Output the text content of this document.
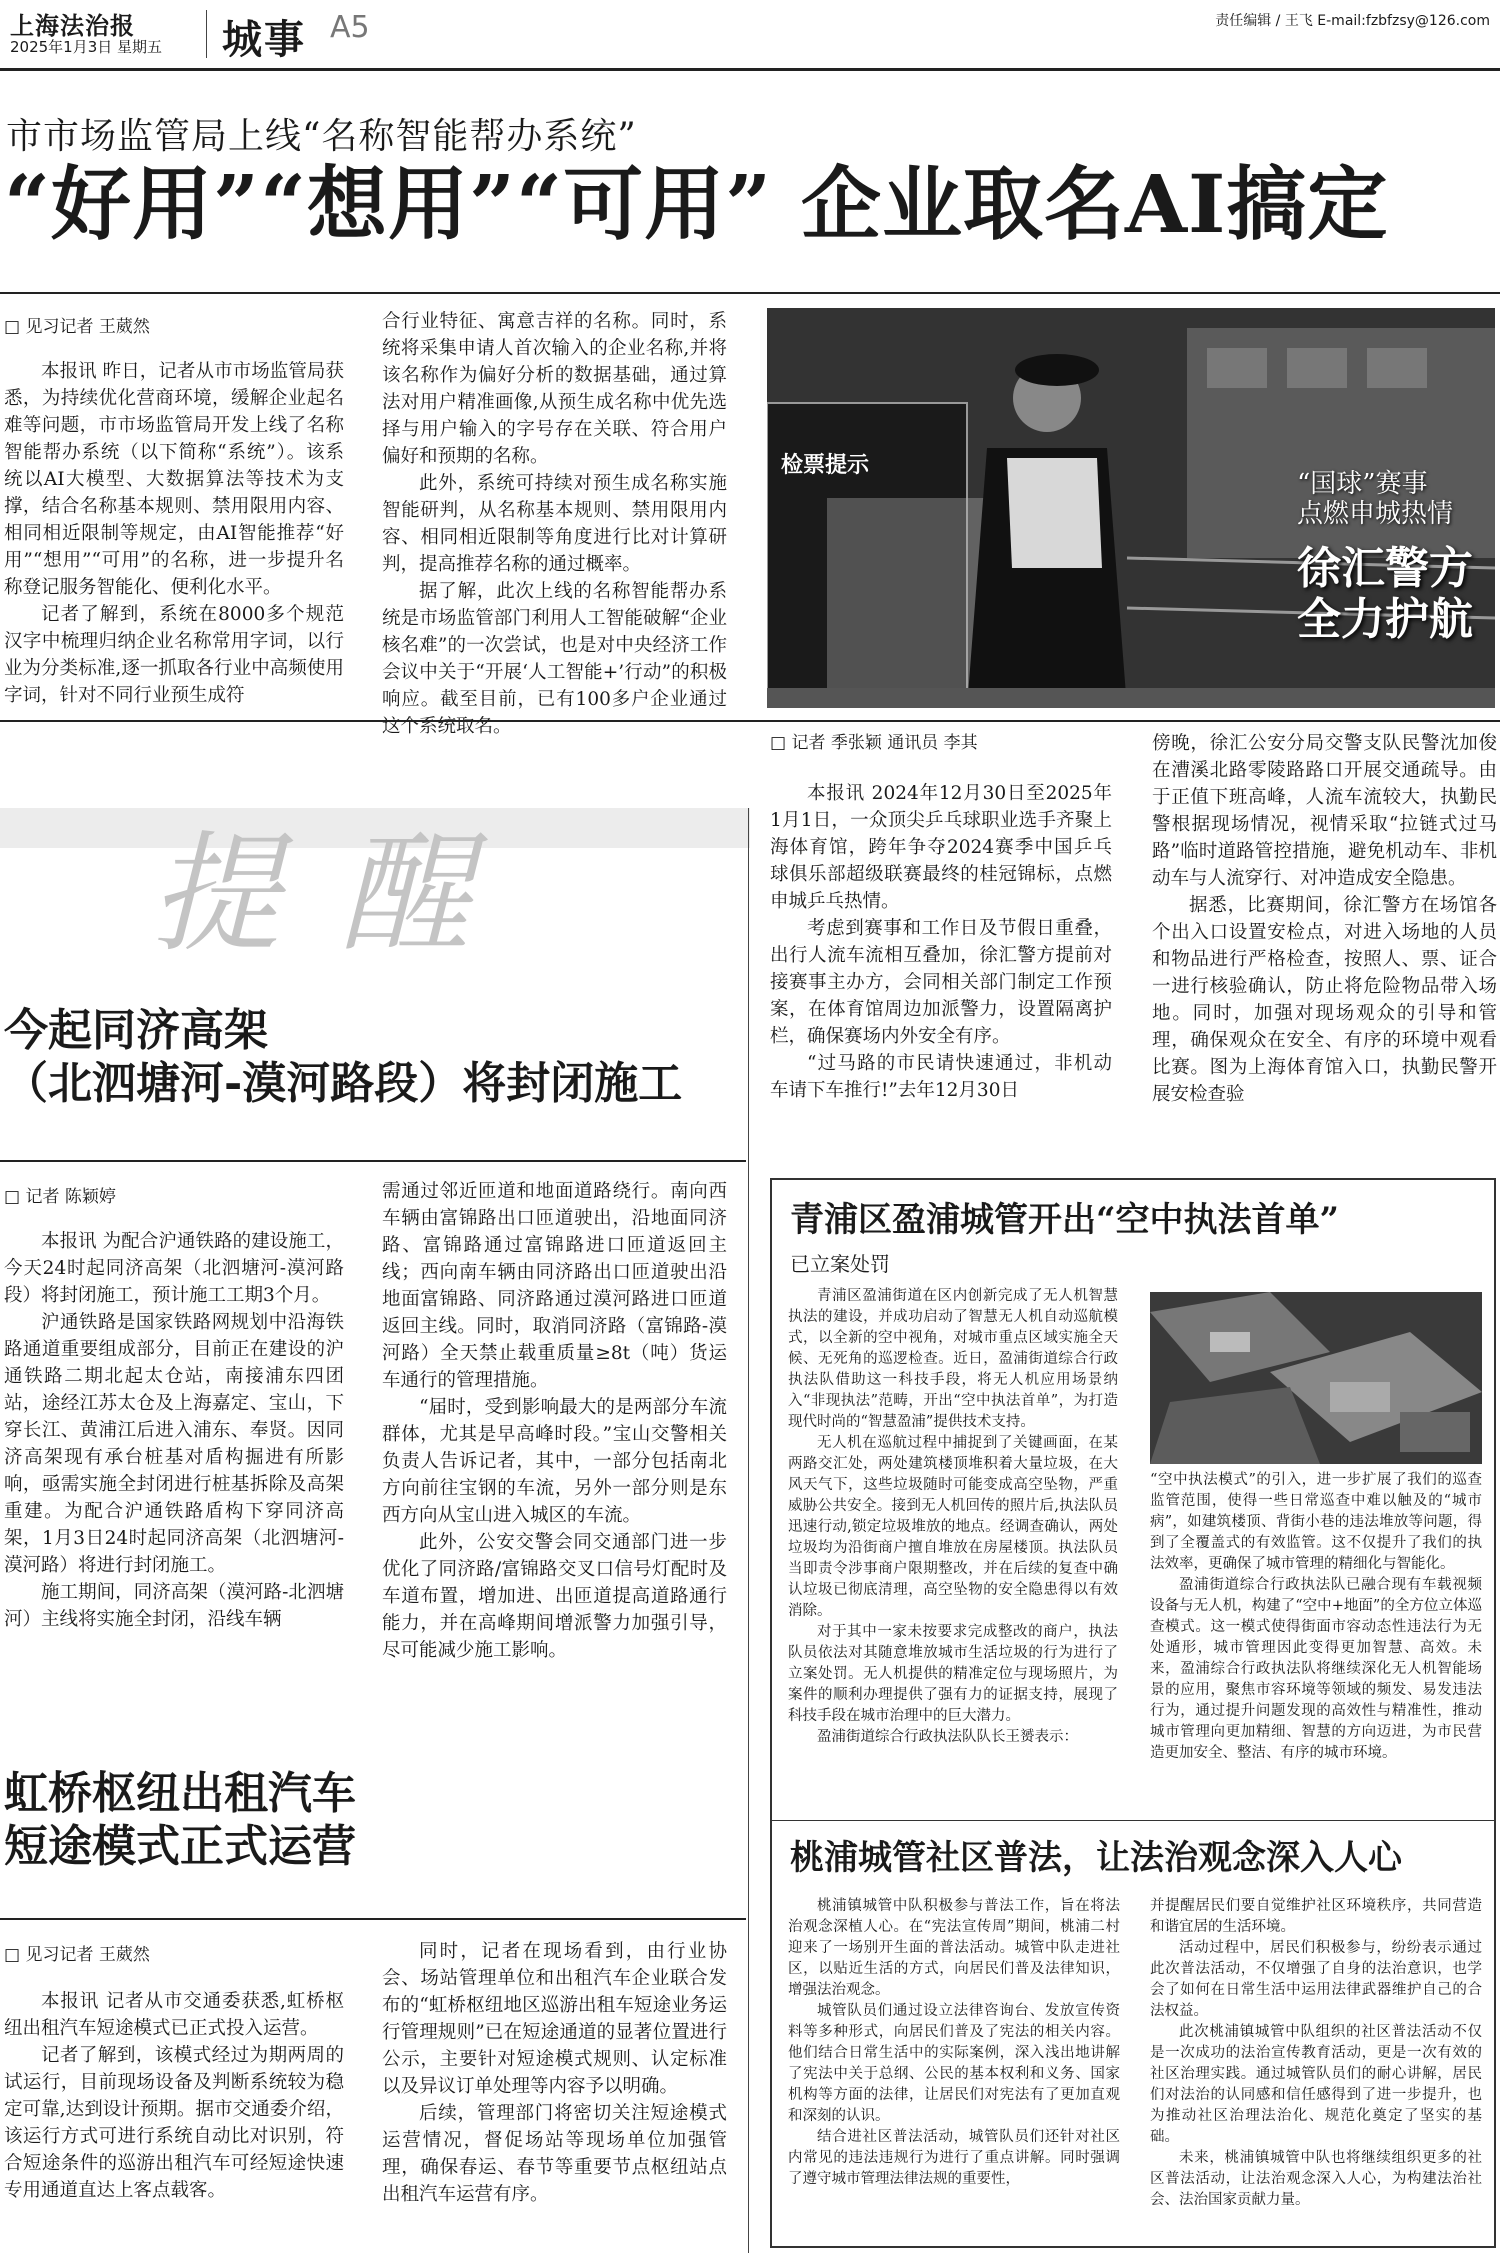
上海法治报
2025年1月3日 星期五 城事 A5	责任编辑 / 王飞 E-mail:fzbfzsy@126.com
市市场监管局上线“名称智能帮办系统”
“好用”“想用”“可用” 企业取名AI搞定
□ 见习记者 王葳然

本报讯 昨日，记者从市市场监管局获悉，为持续优化营商环境，缓解企业起名难等问题，市市场监管局开发上线了名称智能帮办系统（以下简称“系统”）。该系统以AI大模型、大数据算法等技术为支撑，结合名称基本规则、禁用限用内容、相同相近限制等规定，由AI智能推荐“好用”“想用”“可用”的名称，进一步提升名称登记服务智能化、便利化水平。

记者了解到，系统在8000多个规范汉字中梳理归纳企业名称常用字词，以行业为分类标准,逐一抓取各行业中高频使用字词，针对不同行业预生成符

合行业特征、寓意吉祥的名称。同时，系统将采集申请人首次输入的企业名称,并将该名称作为偏好分析的数据基础，通过算法对用户精准画像,从预生成名称中优先选择与用户输入的字号存在关联、符合用户偏好和预期的名称。

此外，系统可持续对预生成名称实施智能研判，从名称基本规则、禁用限用内容、相同相近限制等角度进行比对计算研判，提高推荐名称的通过概率。

据了解，此次上线的名称智能帮办系统是市场监管部门利用人工智能破解“企业核名难”的一次尝试，也是对中央经济工作会议中关于“开展‘人工智能+’行动”的积极响应。截至目前，已有100多户企业通过这个系统取名。

检票提示
“国球”赛事
点燃申城热情
徐汇警方
全力护航
□ 记者 季张颖 通讯员 李其

本报讯 2024年12月30日至2025年1月1日，一众顶尖乒乓球职业选手齐聚上海体育馆，跨年争夺2024赛季中国乒乓球俱乐部超级联赛最终的桂冠锦标，点燃申城乒乓热情。

考虑到赛事和工作日及节假日重叠，出行人流车流相互叠加，徐汇警方提前对接赛事主办方，会同相关部门制定工作预案，在体育馆周边加派警力，设置隔离护栏，确保赛场内外安全有序。

“过马路的市民请快速通过，非机动车请下车推行!”去年12月30日

傍晚，徐汇公安分局交警支队民警沈加俊在漕溪北路零陵路路口开展交通疏导。由于正值下班高峰，人流车流较大，执勤民警根据现场情况，视情采取“拉链式过马路”临时道路管控措施，避免机动车、非机动车与人流穿行、对冲造成安全隐患。

据悉，比赛期间，徐汇警方在场馆各个出入口设置安检点，对进入场地的人员和物品进行严格检查，按照人、票、证合一进行核验确认，防止将危险物品带入场地。同时，加强对现场观众的引导和管理，确保观众在安全、有序的环境中观看比赛。图为上海体育馆入口，执勤民警开展安检查验

提醒
今起同济高架
（北泗塘河-漠河路段）将封闭施工
□ 记者 陈颖婷

本报讯 为配合沪通铁路的建设施工，今天24时起同济高架（北泗塘河-漠河路段）将封闭施工，预计施工工期3个月。

沪通铁路是国家铁路网规划中沿海铁路通道重要组成部分，目前正在建设的沪通铁路二期北起太仓站，南接浦东四团站，途经江苏太仓及上海嘉定、宝山，下穿长江、黄浦江后进入浦东、奉贤。因同济高架现有承台桩基对盾构掘进有所影响，亟需实施全封闭进行桩基拆除及高架重建。为配合沪通铁路盾构下穿同济高架，1月3日24时起同济高架（北泗塘河-漠河路）将进行封闭施工。

施工期间，同济高架（漠河路-北泗塘河）主线将实施全封闭，沿线车辆

需通过邻近匝道和地面道路绕行。南向西车辆由富锦路出口匝道驶出，沿地面同济路、富锦路通过富锦路进口匝道返回主线；西向南车辆由同济路出口匝道驶出沿地面富锦路、同济路通过漠河路进口匝道返回主线。同时，取消同济路（富锦路-漠河路）全天禁止载重质量≥8t（吨）货运车通行的管理措施。

“届时，受到影响最大的是两部分车流群体，尤其是早高峰时段。”宝山交警相关负责人告诉记者，其中，一部分包括南北方向前往宝钢的车流，另外一部分则是东西方向从宝山进入城区的车流。

此外，公安交警会同交通部门进一步优化了同济路/富锦路交叉口信号灯配时及车道布置，增加进、出匝道提高道路通行能力，并在高峰期间增派警力加强引导，尽可能减少施工影响。

虹桥枢纽出租汽车
短途模式正式运营
□ 见习记者 王葳然

本报讯 记者从市交通委获悉,虹桥枢纽出租汽车短途模式已正式投入运营。

记者了解到，该模式经过为期两周的试运行，目前现场设备及判断系统较为稳定可靠,达到设计预期。据市交通委介绍，该运行方式可进行系统自动比对识别，符合短途条件的巡游出租汽车可经短途快速专用通道直达上客点载客。

同时，记者在现场看到，由行业协会、场站管理单位和出租汽车企业联合发布的“虹桥枢纽地区巡游出租车短途业务运行管理规则”已在短途通道的显著位置进行公示，主要针对短途模式规则、认定标准以及异议订单处理等内容予以明确。

后续，管理部门将密切关注短途模式运营情况，督促场站等现场单位加强管理，确保春运、春节等重要节点枢纽站点出租汽车运营有序。

青浦区盈浦城管开出“空中执法首单”
已立案处罚

青浦区盈浦街道在区内创新完成了无人机智慧执法的建设，并成功启动了智慧无人机自动巡航模式，以全新的空中视角，对城市重点区域实施全天候、无死角的巡逻检查。近日，盈浦街道综合行政执法队借助这一科技手段，将无人机应用场景纳入“非现执法”范畴，开出“空中执法首单”，为打造现代时尚的“智慧盈浦”提供技术支持。

无人机在巡航过程中捕捉到了关键画面，在某两路交汇处，两处建筑楼顶堆积着大量垃圾，在大风天气下，这些垃圾随时可能变成高空坠物，严重威胁公共安全。接到无人机回传的照片后,执法队员迅速行动,锁定垃圾堆放的地点。经调查确认，两处垃圾均为沿街商户擅自堆放在房屋楼顶。执法队员当即责令涉事商户限期整改，并在后续的复查中确认垃圾已彻底清理，高空坠物的安全隐患得以有效消除。

对于其中一家未按要求完成整改的商户，执法队员依法对其随意堆放城市生活垃圾的行为进行了立案处罚。无人机提供的精准定位与现场照片，为案件的顺利办理提供了强有力的证据支持，展现了科技手段在城市治理中的巨大潜力。

盈浦街道综合行政执法队队长王赟表示：

“空中执法模式”的引入，进一步扩展了我们的巡查监管范围，使得一些日常巡查中难以触及的“城市病”，如建筑楼顶、背街小巷的违法堆放等问题，得到了全覆盖式的有效监管。这不仅提升了我们的执法效率，更确保了城市管理的精细化与智能化。

盈浦街道综合行政执法队已融合现有车载视频设备与无人机，构建了“空中+地面”的全方位立体巡查模式。这一模式使得街面市容动态性违法行为无处遁形，城市管理因此变得更加智慧、高效。未来，盈浦综合行政执法队将继续深化无人机智能场景的应用，聚焦市容环境等领域的频发、易发违法行为，通过提升问题发现的高效性与精准性，推动城市管理向更加精细、智慧的方向迈进，为市民营造更加安全、整洁、有序的城市环境。

桃浦城管社区普法，让法治观念深入人心

桃浦镇城管中队积极参与普法工作，旨在将法治观念深植人心。在“宪法宣传周”期间，桃浦二村迎来了一场别开生面的普法活动。城管中队走进社区，以贴近生活的方式，向居民们普及法律知识，增强法治观念。

城管队员们通过设立法律咨询台、发放宣传资料等多种形式，向居民们普及了宪法的相关内容。他们结合日常生活中的实际案例，深入浅出地讲解了宪法中关于总纲、公民的基本权利和义务、国家机构等方面的法律，让居民们对宪法有了更加直观和深刻的认识。

结合进社区普法活动，城管队员们还针对社区内常见的违法违规行为进行了重点讲解。同时强调了遵守城市管理法律法规的重要性，

并提醒居民们要自觉维护社区环境秩序，共同营造和谐宜居的生活环境。

活动过程中，居民们积极参与，纷纷表示通过此次普法活动，不仅增强了自身的法治意识，也学会了如何在日常生活中运用法律武器维护自己的合法权益。

此次桃浦镇城管中队组织的社区普法活动不仅是一次成功的法治宣传教育活动，更是一次有效的社区治理实践。通过城管队员们的耐心讲解，居民们对法治的认同感和信任感得到了进一步提升，也为推动社区治理法治化、规范化奠定了坚实的基础。

未来，桃浦镇城管中队也将继续组织更多的社区普法活动，让法治观念深入人心，为构建法治社会、法治国家贡献力量。
